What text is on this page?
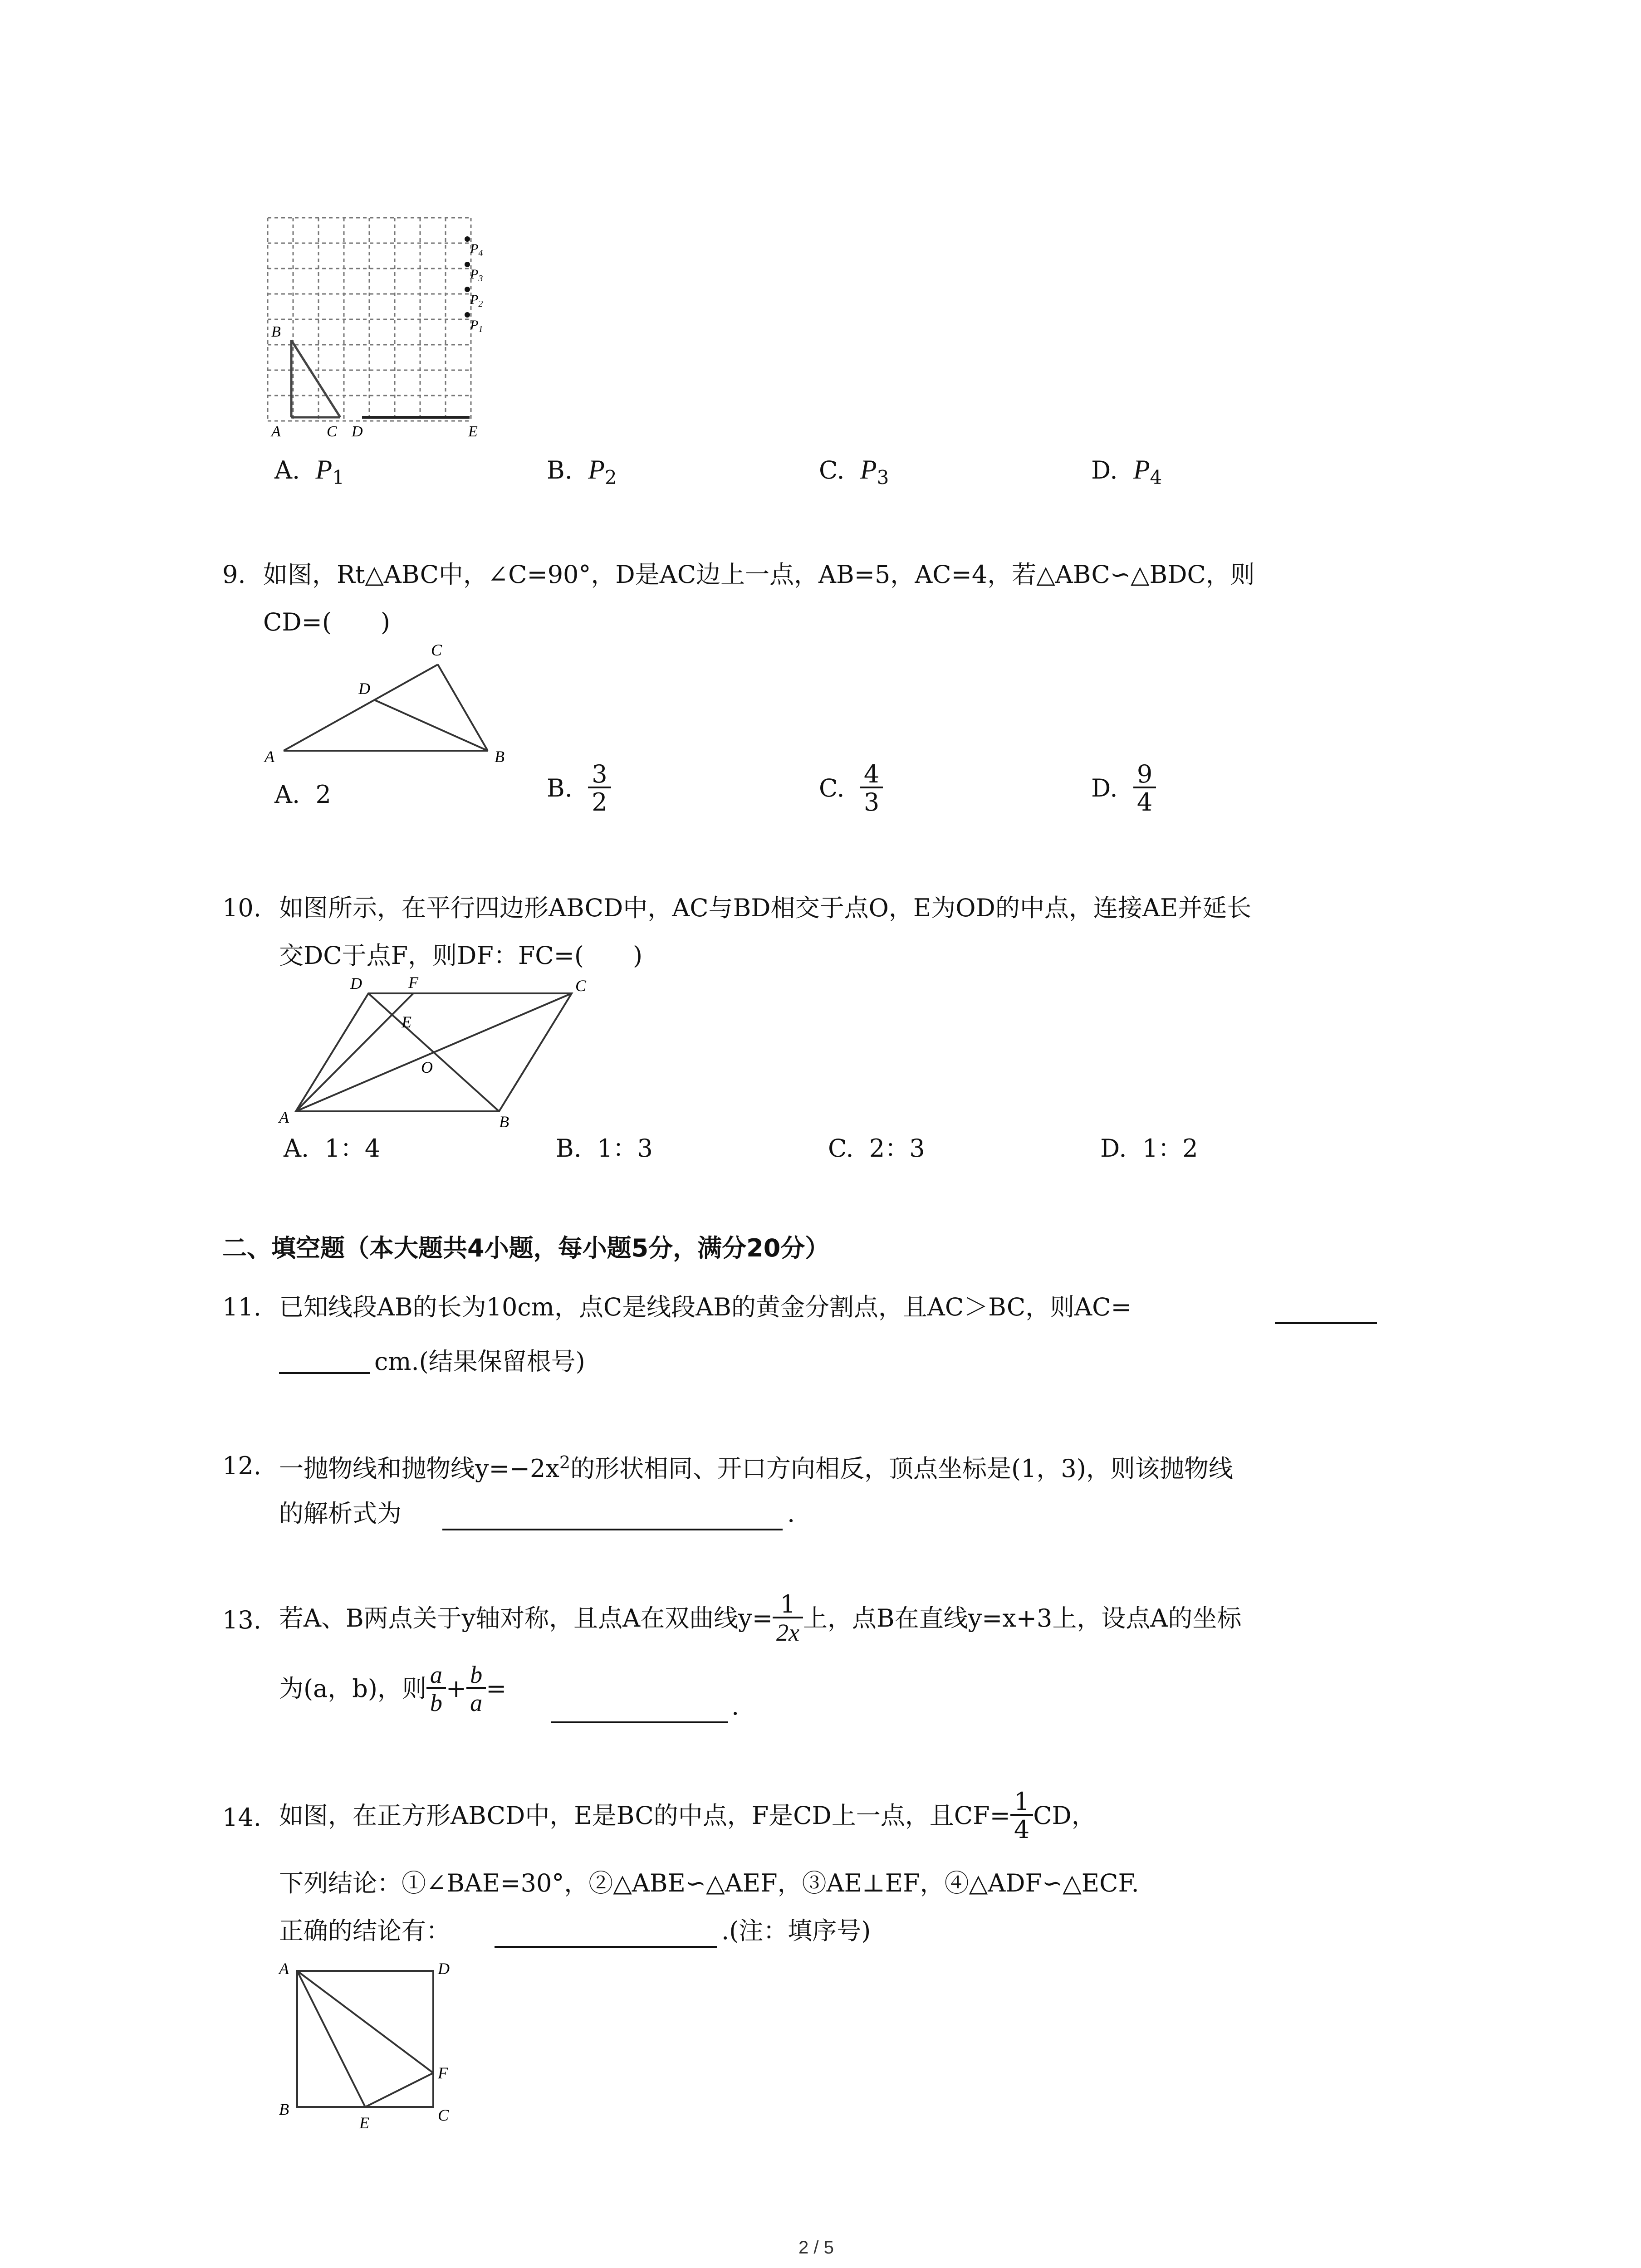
B
A	C D	E
$P_4$
$P_3$
$P_2$
$P_1$
A. $P_1$	B. $P_2$	C. $P_3$	D. $P_4$
9. 如图，Rt△ABC中，∠C=90°，D是AC边上一点，AB=5，AC=4，若△ABC∽△BDC，则
CD=(　　)
A	B
C
D
A. 2	B. $\frac{3}{2}$	C. $\frac{4}{3}$	D. $\frac{9}{4}$
10. 如图所示，在平行四边形ABCD中，AC与BD相交于点O，E为OD的中点，连接AE并延长
交DC于点F，则DF：FC=(　　)
A	B
C
D	F
E
O
A. 1：4	B. 1：3	C. 2：3	D. 1：2
二、填空题（本大题共4小题，每小题5分，满分20分）
11. 已知线段AB的长为10cm，点C是线段AB的黄金分割点，且AC＞BC，则AC=
cm.(结果保留根号)
12. 一抛物线和抛物线$y=-2x^2$的形状相同、开口方向相反，顶点坐标是(1，3)，则该抛物线
的解析式为	.
13. 若A、B两点关于y轴对称，且点A在双曲线$y= \frac{1}{2x}$ 上，点B在直线y=x+3上，设点A的坐标
为(a，b)，则 $\frac{a}{b} + \frac{b}{a}$ =
.
14. 如图，在正方形ABCD中，E是BC的中点，F是CD上一点，且$CF= \frac{1}{4}$ CD，
下列结论：①∠BAE=30°，②△ABE∽△AEF，③AE⊥EF，④△ADF∽△ECF.
正确的结论有：	.(注：填序号)
A	D
B	C
E
F
2 / 5
